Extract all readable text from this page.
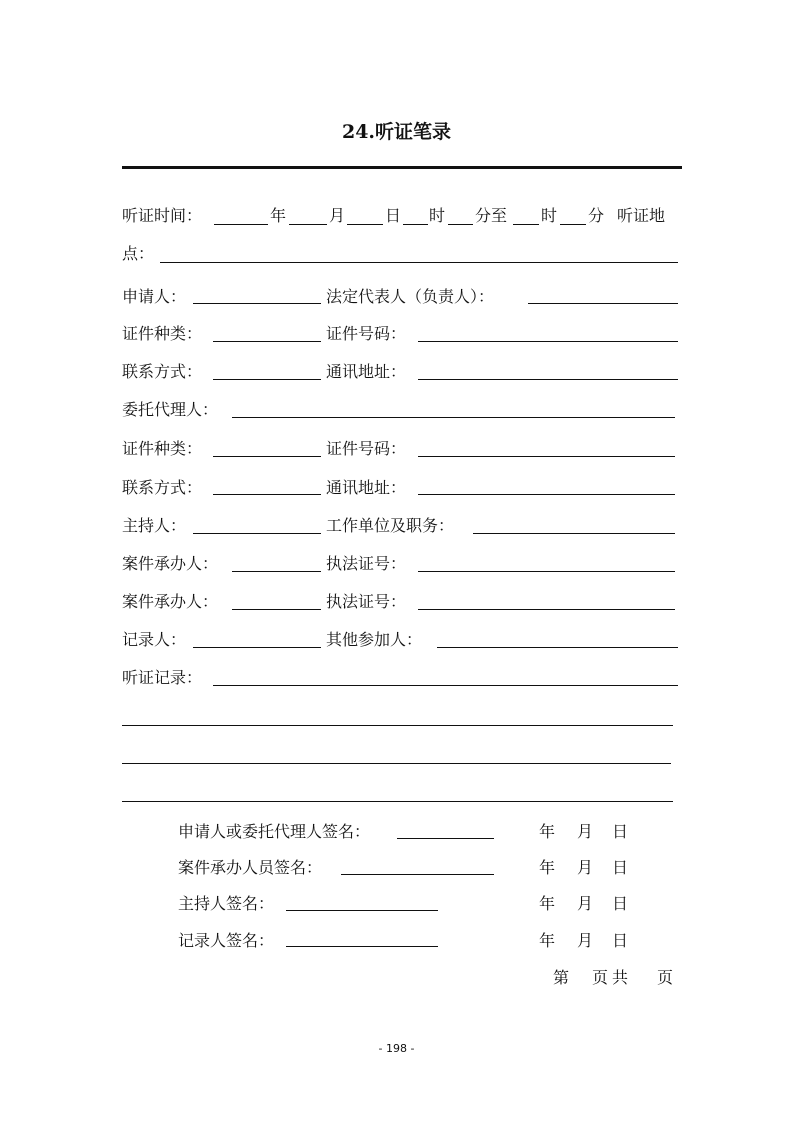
24.听证笔录
听证时间：	年	月 日 时 分至 时 分 听证地
点：
申请人：	法定代表人（负责人）：
证件种类：	证件号码：
联系方式：	通讯地址：
委托代理人：
证件种类：	证件号码：
联系方式：	通讯地址：
主持人：	工作单位及职务：
案件承办人：	执法证号：
案件承办人：	执法证号：
记录人：	其他参加人：
听证记录：
申请人或委托代理人签名：	年 月 日
案件承办人员签名：	年 月 日
主持人签名：	年 月 日
记录人签名：	年 月 日
第 页共 页
- 198 -
